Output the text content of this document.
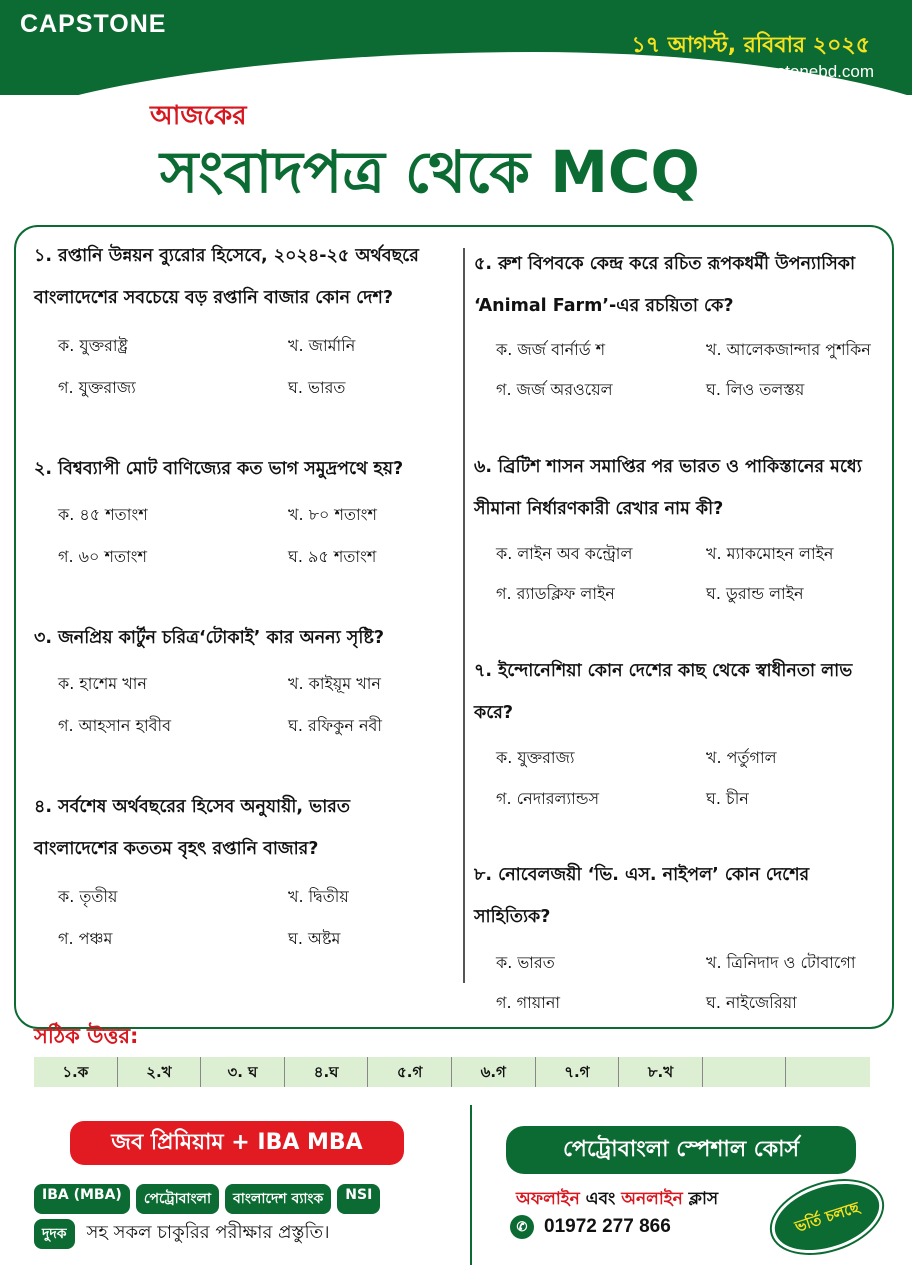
CAPSTONE
১৭ আগস্ট, রবিবার ২০২৫
www.capstonebd.com
আজকের
সংবাদপত্র থেকে MCQ
১. রপ্তানি উন্নয়ন ব্যুরোর হিসেবে, ২০২৪-২৫ অর্থবছরে
বাংলাদেশের সবচেয়ে বড় রপ্তানি বাজার কোন দেশ?
ক. যুক্তরাষ্ট্র	খ. জার্মানি
গ. যুক্তরাজ্য	ঘ. ভারত
২. বিশ্বব্যাপী মোট বাণিজ্যের কত ভাগ সমুদ্রপথে হয়?
ক. ৪৫ শতাংশ	খ. ৮০ শতাংশ
গ. ৬০ শতাংশ	ঘ. ৯৫ শতাংশ
৩. জনপ্রিয় কার্টুন চরিত্র‘টোকাই’ কার অনন্য সৃষ্টি?
ক. হাশেম খান	খ. কাইয়ূম খান
গ. আহসান হাবীব	ঘ. রফিকুন নবী
৪. সর্বশেষ অর্থবছরের হিসেব অনুযায়ী, ভারত
বাংলাদেশের কততম বৃহৎ রপ্তানি বাজার?
ক. তৃতীয়	খ. দ্বিতীয়
গ. পঞ্চম	ঘ. অষ্টম
৫. রুশ বিপবকে কেন্দ্র করে রচিত রূপকধর্মী উপন্যাসিকা
‘Animal Farm’-এর রচয়িতা কে?
ক. জর্জ বার্নার্ড শ	খ. আলেকজান্দার পুশকিন
গ. জর্জ অরওয়েল	ঘ. লিও তলস্তয়
৬. ব্রিটিশ শাসন সমাপ্তির পর ভারত ও পাকিস্তানের মধ্যে
সীমানা নির্ধারণকারী রেখার নাম কী?
ক. লাইন অব কন্ট্রোল	খ. ম্যাকমোহন লাইন
গ. র‌্যাডক্লিফ লাইন	ঘ. ডুরান্ড লাইন
৭. ইন্দোনেশিয়া কোন দেশের কাছ থেকে স্বাধীনতা লাভ
করে?
ক. যুক্তরাজ্য	খ. পর্তুগাল
গ. নেদারল্যান্ডস	ঘ. চীন
৮. নোবেলজয়ী ‘ভি. এস. নাইপল’ কোন দেশের
সাহিত্যিক?
ক. ভারত	খ. ত্রিনিদাদ ও টোবাগো
গ. গায়ানা	ঘ. নাইজেরিয়া
সঠিক উত্তর:
১.ক	২.খ	৩. ঘ	৪.ঘ	৫.গ	৬.গ	৭.গ	৮.খ
জব প্রিমিয়াম + IBA MBA
IBA (MBA)	পেট্রোবাংলা	বাংলাদেশ ব্যাংক	NSI
দুদক	সহ সকল চাকুরির পরীক্ষার প্রস্তুতি।
পেট্রোবাংলা স্পেশাল কোর্স
অফলাইন এবং অনলাইন ক্লাস
✆ 01972 277 866	ভর্তি চলছে
